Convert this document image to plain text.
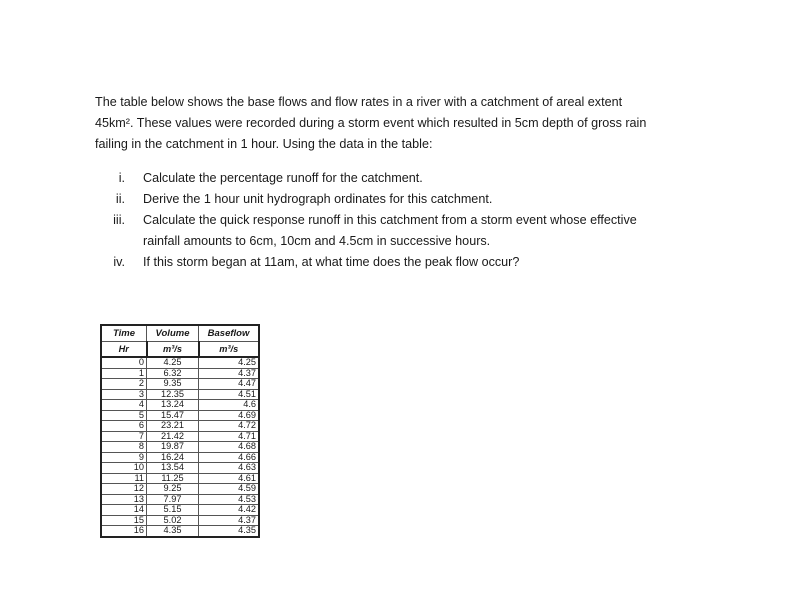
The table below shows the base flows and flow rates in a river with a catchment of areal extent

45km². These values were recorded during a storm event which resulted in 5cm depth of gross rain

failing in the catchment in 1 hour. Using the data in the table:

i.	Calculate the percentage runoff for the catchment.

ii.	Derive the 1 hour unit hydrograph ordinates for this catchment.

iii.	Calculate the quick response runoff in this catchment from a storm event whose effective

rainfall amounts to 6cm, 10cm and 4.5cm in successive hours.

iv.	If this storm began at 11am, at what time does the peak flow occur?

Time	Volume	Baseflow
Hr	m³/s	m³/s
0	4.25	4.25
1	6.32	4.37
2	9.35	4.47
3	12.35	4.51
4	13.24	4.6
5	15.47	4.69
6	23.21	4.72
7	21.42	4.71
8	19.87	4.68
9	16.24	4.66
10	13.54	4.63
11	11.25	4.61
12	9.25	4.59
13	7.97	4.53
14	5.15	4.42
15	5.02	4.37
16	4.35	4.35
